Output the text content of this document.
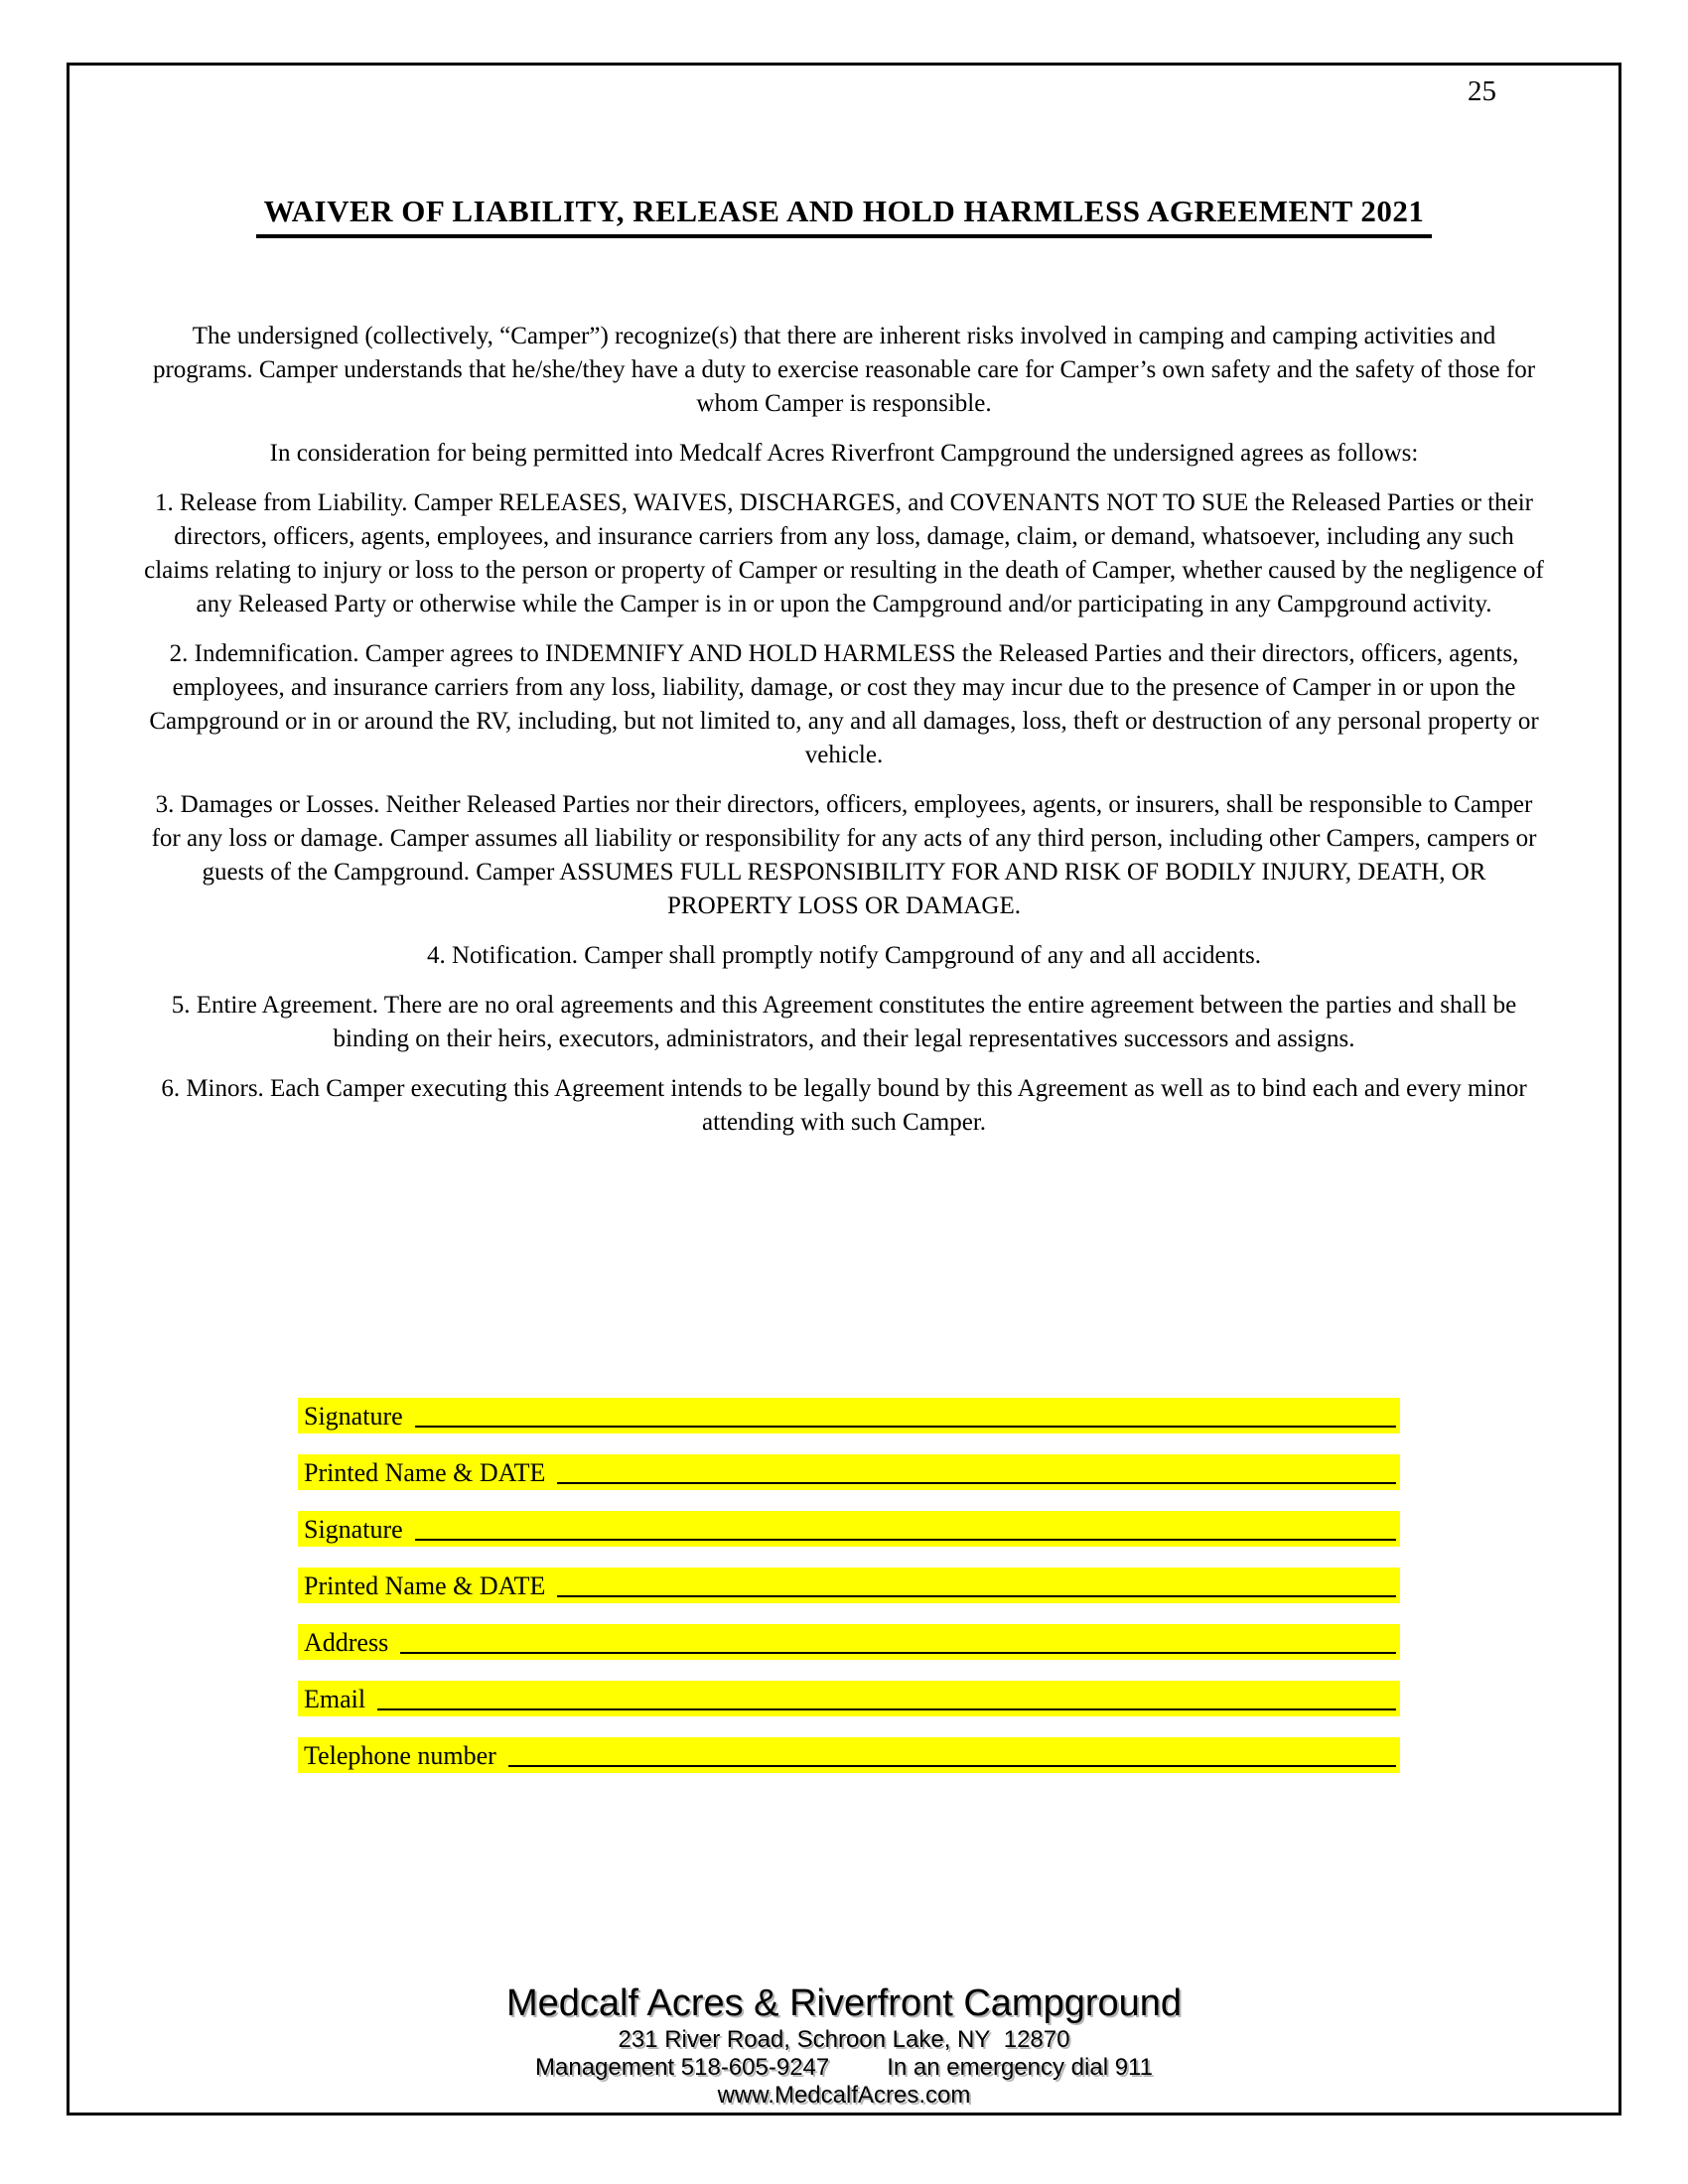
25
WAIVER OF LIABILITY, RELEASE AND HOLD HARMLESS AGREEMENT 2021

The undersigned (collectively, “Camper”) recognize(s) that there are inherent risks involved in camping and camping activities and programs. Camper understands that he/she/they have a duty to exercise reasonable care for Camper’s own safety and the safety of those for whom Camper is responsible.

In consideration for being permitted into Medcalf Acres Riverfront Campground the undersigned agrees as follows:

1. Release from Liability. Camper RELEASES, WAIVES, DISCHARGES, and COVENANTS NOT TO SUE the Released Parties or their directors, officers, agents, employees, and insurance carriers from any loss, damage, claim, or demand, whatsoever, including any such claims relating to injury or loss to the person or property of Camper or resulting in the death of Camper, whether caused by the negligence of any Released Party or otherwise while the Camper is in or upon the Campground and/or participating in any Campground activity.

2. Indemnification. Camper agrees to INDEMNIFY AND HOLD HARMLESS the Released Parties and their directors, officers, agents, employees, and insurance carriers from any loss, liability, damage, or cost they may incur due to the presence of Camper in or upon the Campground or in or around the RV, including, but not limited to, any and all damages, loss, theft or destruction of any personal property or vehicle.

3. Damages or Losses. Neither Released Parties nor their directors, officers, employees, agents, or insurers, shall be responsible to Camper for any loss or damage. Camper assumes all liability or responsibility for any acts of any third person, including other Campers, campers or guests of the Campground. Camper ASSUMES FULL RESPONSIBILITY FOR AND RISK OF BODILY INJURY, DEATH, OR PROPERTY LOSS OR DAMAGE.

4. Notification. Camper shall promptly notify Campground of any and all accidents.

5. Entire Agreement. There are no oral agreements and this Agreement constitutes the entire agreement between the parties and shall be binding on their heirs, executors, administrators, and their legal representatives successors and assigns.

6. Minors. Each Camper executing this Agreement intends to be legally bound by this Agreement as well as to bind each and every minor attending with such Camper.

Signature
Printed Name & DATE
Signature
Printed Name & DATE
Address
Email
Telephone number
Medcalf Acres & Riverfront Campground
231 River Road, Schroon Lake, NY  12870
Management 518-605-9247 In an emergency dial 911
www.MedcalfAcres.com
